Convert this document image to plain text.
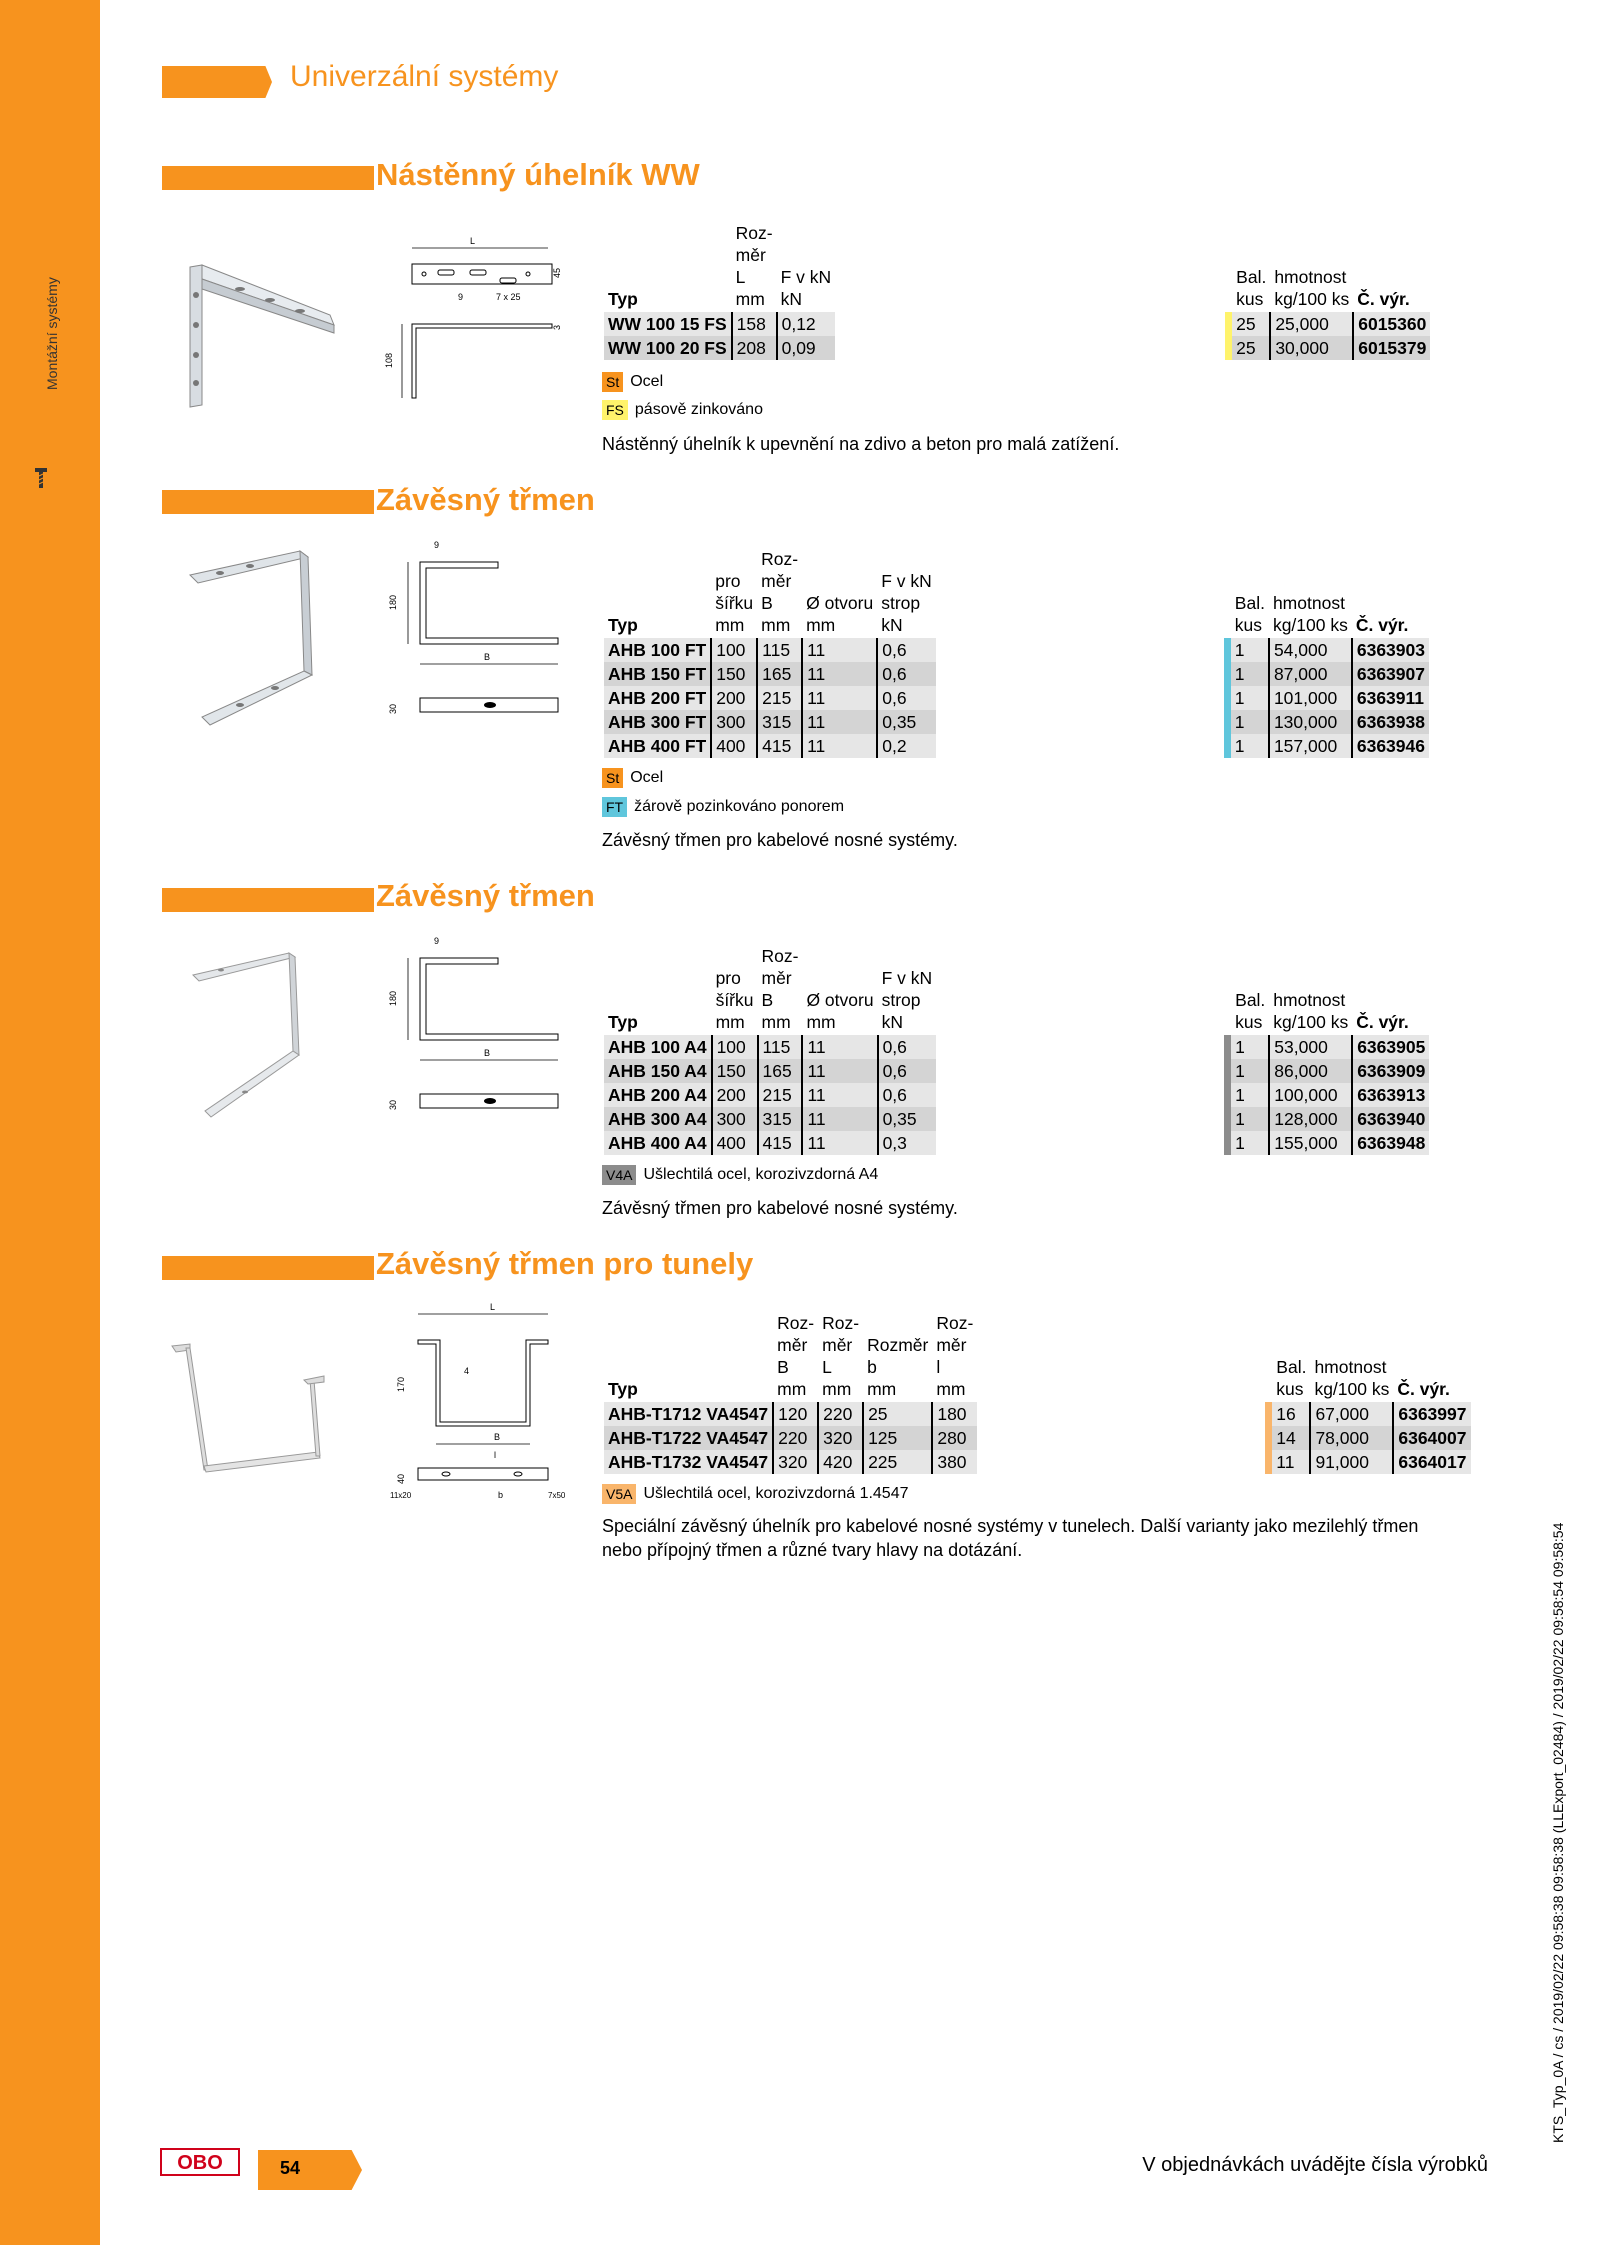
Montážní systémy
Univerzální systémy
Nástěnný úhelník WW
L
9	7 x 25
45
3
108
Typ	Roz-
měr
L
mm	F v kN
kN			Bal.
kus	hmotnost
kg/100 ks	Č. výr.
WW 100 15 FS	158	0,12			25	25,000	6015360
WW 100 20 FS	208	0,09			25	30,000	6015379
St Ocel
FS pásově zinkováno
Nástěnný úhelník k upevnění na zdivo a beton pro malá zatížení.
Závěsný třmen
9
180
B
30
Typ	pro
šířku
mm	Roz-
měr
B
mm	Ø otvoru
mm	F v kN
strop
kN			Bal.
kus	hmotnost
kg/100 ks	Č. výr.
AHB 100 FT	100	115	11	0,6			1	54,000	6363903
AHB 150 FT	150	165	11	0,6			1	87,000	6363907
AHB 200 FT	200	215	11	0,6			1	101,000	6363911
AHB 300 FT	300	315	11	0,35			1	130,000	6363938
AHB 400 FT	400	415	11	0,2			1	157,000	6363946
St Ocel
FT žárově pozinkováno ponorem
Závěsný třmen pro kabelové nosné systémy.
Závěsný třmen
9
180
B
30
Typ	pro
šířku
mm	Roz-
měr
B
mm	Ø otvoru
mm	F v kN
strop
kN			Bal.
kus	hmotnost
kg/100 ks	Č. výr.
AHB 100 A4	100	115	11	0,6			1	53,000	6363905
AHB 150 A4	150	165	11	0,6			1	86,000	6363909
AHB 200 A4	200	215	11	0,6			1	100,000	6363913
AHB 300 A4	300	315	11	0,35			1	128,000	6363940
AHB 400 A4	400	415	11	0,3			1	155,000	6363948
V4A Ušlechtilá ocel, korozivzdorná A4
Závěsný třmen pro kabelové nosné systémy.
Závěsný třmen pro tunely
L
170
4
B
l
40
11x20	b	7x50
Typ	Roz-
měr
B
mm	Roz-
měr
L
mm	Rozměr
b
mm	Roz-
měr
l
mm			Bal.
kus	hmotnost
kg/100 ks	Č. výr.
AHB-T1712 VA4547	120	220	25	180			16	67,000	6363997
AHB-T1722 VA4547	220	320	125	280			14	78,000	6364007
AHB-T1732 VA4547	320	420	225	380			11	91,000	6364017
V5A Ušlechtilá ocel, korozivzdorná 1.4547
Speciální závěsný úhelník pro kabelové nosné systémy v tunelech. Další varianty jako mezilehlý třmen nebo přípojný třmen a různé tvary hlavy na dotázání.
OBO	54	V objednávkách uvádějte čísla výrobků
KTS_Typ_0A / cs / 2019/02/22 09:58:38 09:58:38 (LLExport_02484) / 2019/02/22 09:58:54 09:58:54
